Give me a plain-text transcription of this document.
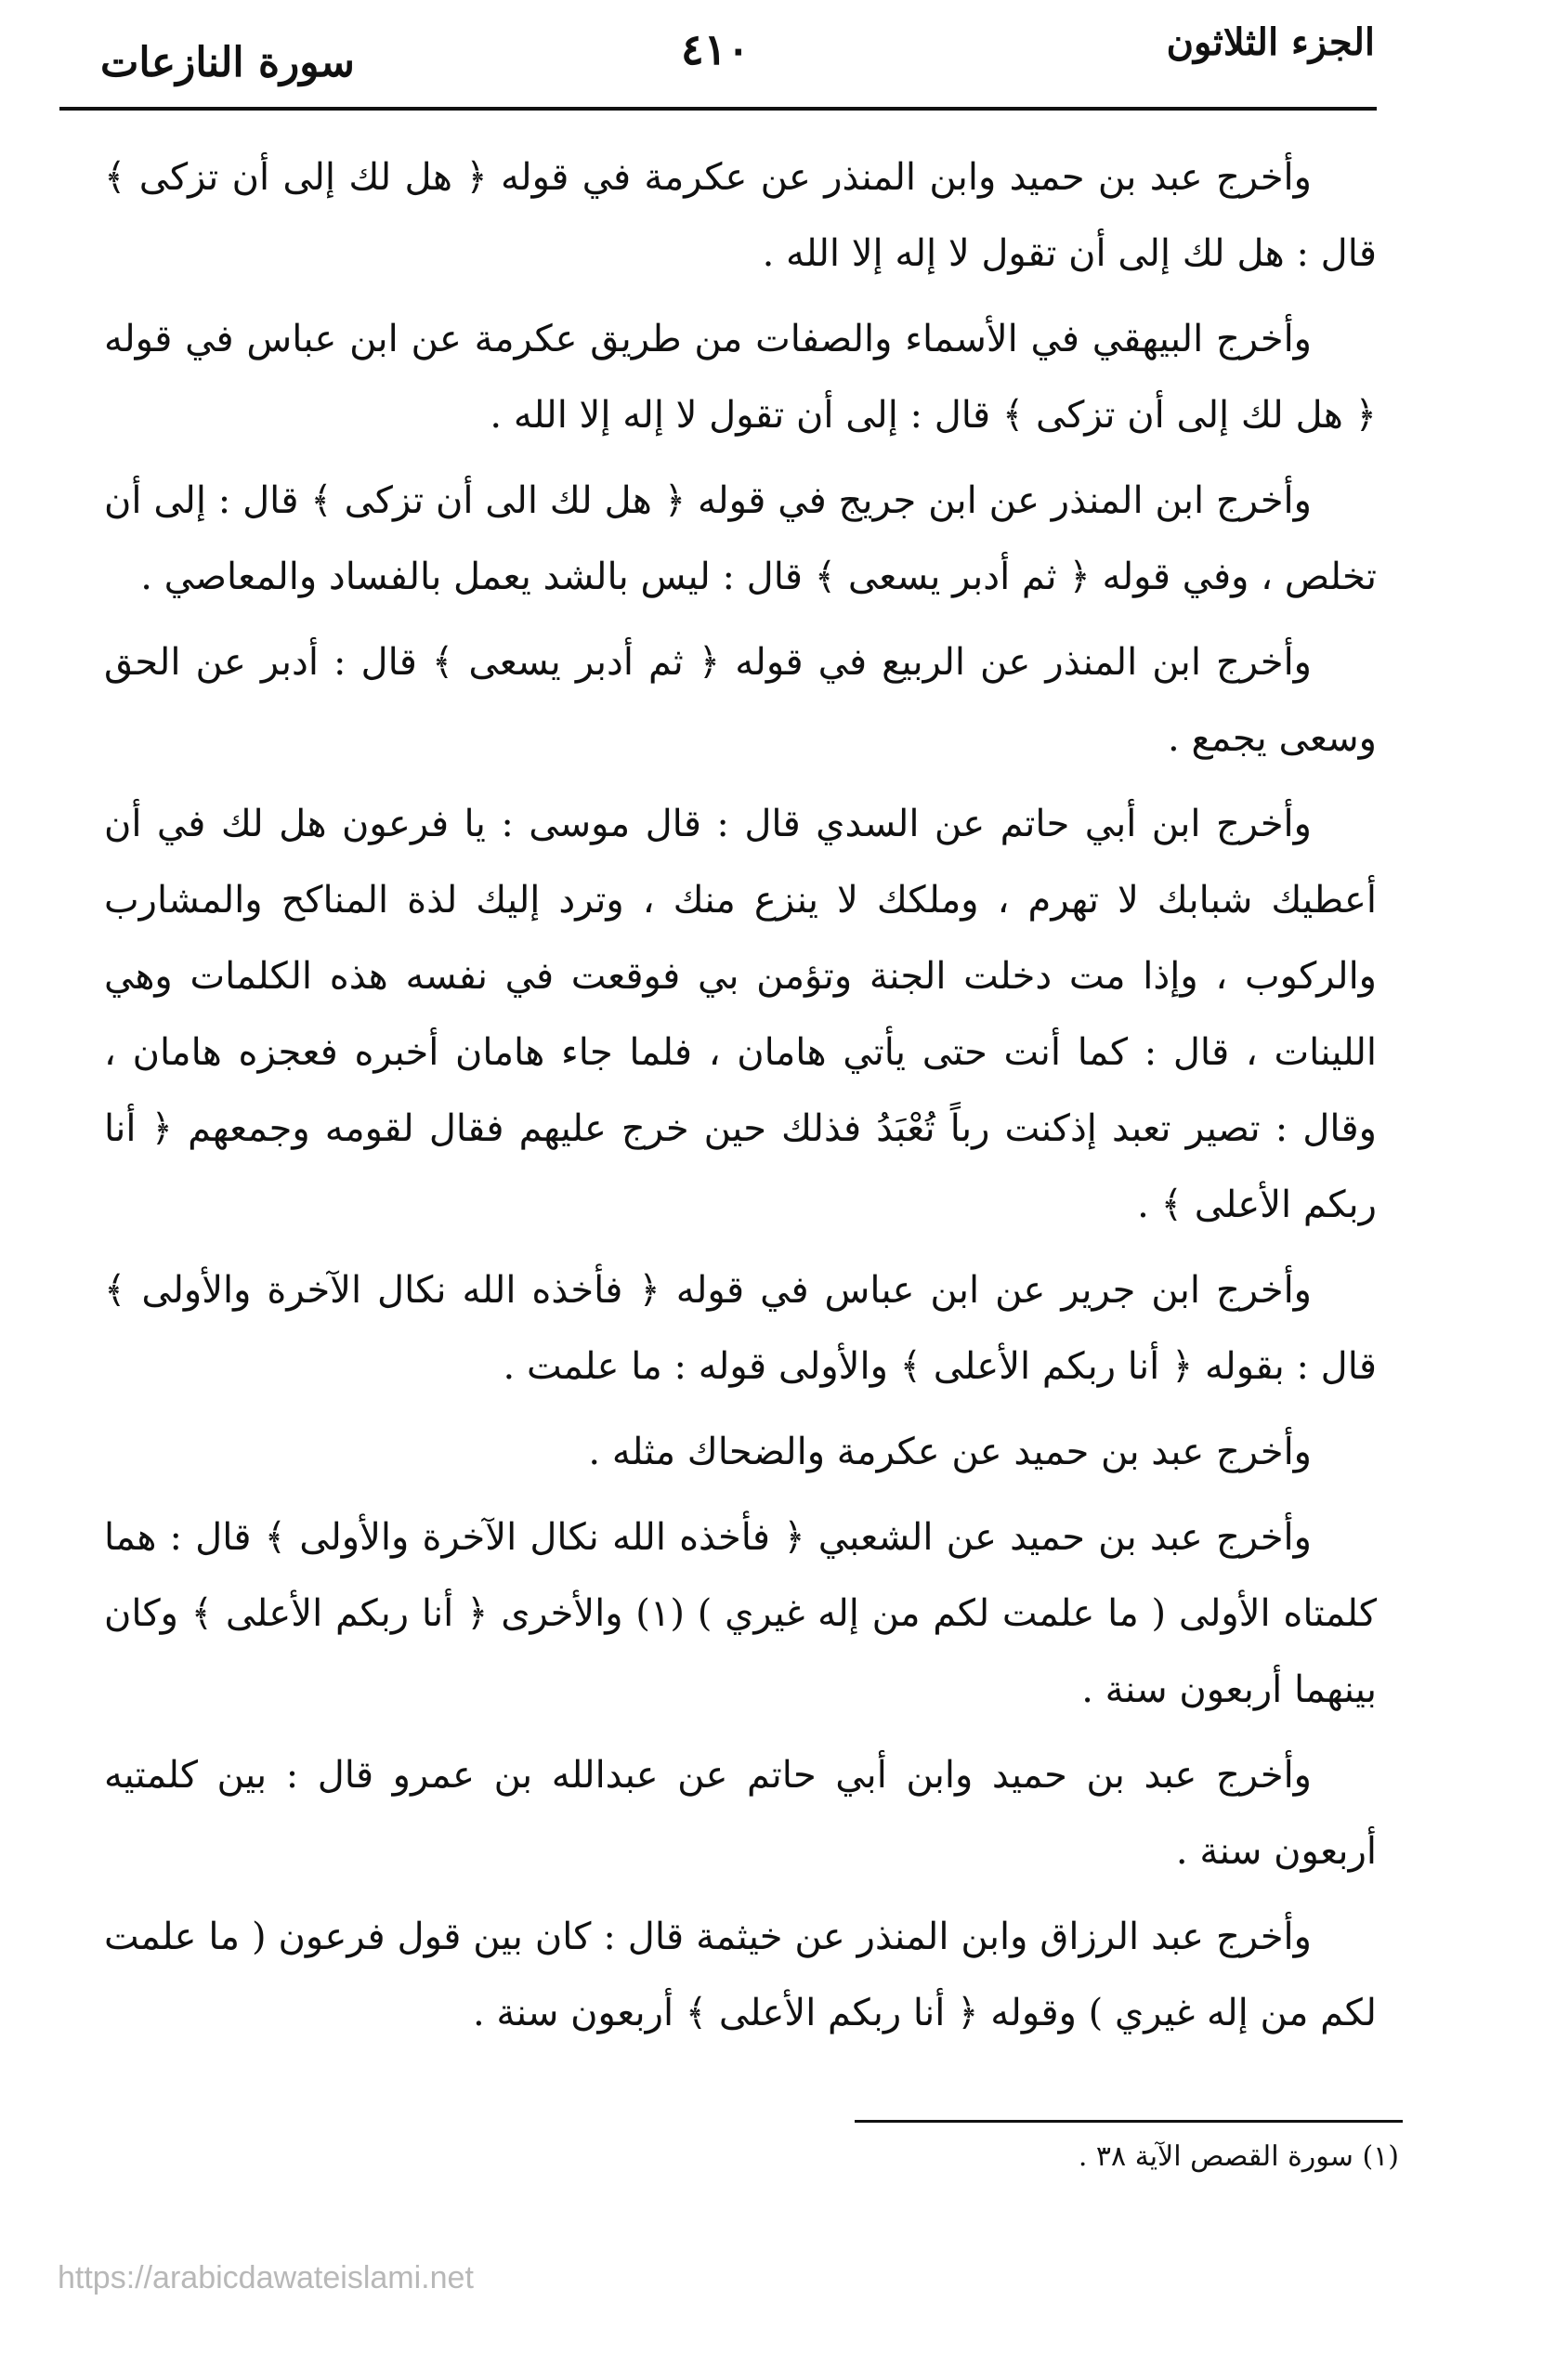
الجزء الثلاثون
٤١٠
سورة النازعات

وأخرج عبد بن حميد وابن المنذر عن عكرمة في قوله ﴿ هل لك إلى أن تزكى ﴾ قال : هل لك إلى أن تقول لا إله إلا الله .

وأخرج البيهقي في الأسماء والصفات من طريق عكرمة عن ابن عباس في قوله ﴿ هل لك إلى أن تزكى ﴾ قال : إلى أن تقول لا إله إلا الله .

وأخرج ابن المنذر عن ابن جريج في قوله ﴿ هل لك الى أن تزكى ﴾ قال : إلى أن تخلص ، وفي قوله ﴿ ثم أدبر يسعى ﴾ قال : ليس بالشد يعمل بالفساد والمعاصي .

وأخرج ابن المنذر عن الربيع في قوله ﴿ ثم أدبر يسعى ﴾ قال : أدبر عن الحق وسعى يجمع .

وأخرج ابن أبي حاتم عن السدي قال : قال موسى : يا فرعون هل لك في أن أعطيك شبابك لا تهرم ، وملكك لا ينزع منك ، وترد إليك لذة المناكح والمشارب والركوب ، وإذا مت دخلت الجنة وتؤمن بي فوقعت في نفسه هذه الكلمات وهي اللينات ، قال : كما أنت حتى يأتي هامان ، فلما جاء هامان أخبره فعجزه هامان ، وقال : تصير تعبد إذكنت رباً تُعْبَدُ فذلك حين خرج عليهم فقال لقومه وجمعهم ﴿ أنا ربكم الأعلى ﴾ .

وأخرج ابن جرير عن ابن عباس في قوله ﴿ فأخذه الله نكال الآخرة والأولى ﴾ قال : بقوله ﴿ أنا ربكم الأعلى ﴾ والأولى قوله : ما علمت .

وأخرج عبد بن حميد عن عكرمة والضحاك مثله .

وأخرج عبد بن حميد عن الشعبي ﴿ فأخذه الله نكال الآخرة والأولى ﴾ قال : هما كلمتاه الأولى ( ما علمت لكم من إله غيري ) (١) والأخرى ﴿ أنا ربكم الأعلى ﴾ وكان بينهما أربعون سنة .

وأخرج عبد بن حميد وابن أبي حاتم عن عبدالله بن عمرو قال : بين كلمتيه أربعون سنة .

وأخرج عبد الرزاق وابن المنذر عن خيثمة قال : كان بين قول فرعون ( ما علمت لكم من إله غيري ) وقوله ﴿ أنا ربكم الأعلى ﴾ أربعون سنة .

(١) سورة القصص الآية ٣٨ .
https://arabicdawateislami.net
